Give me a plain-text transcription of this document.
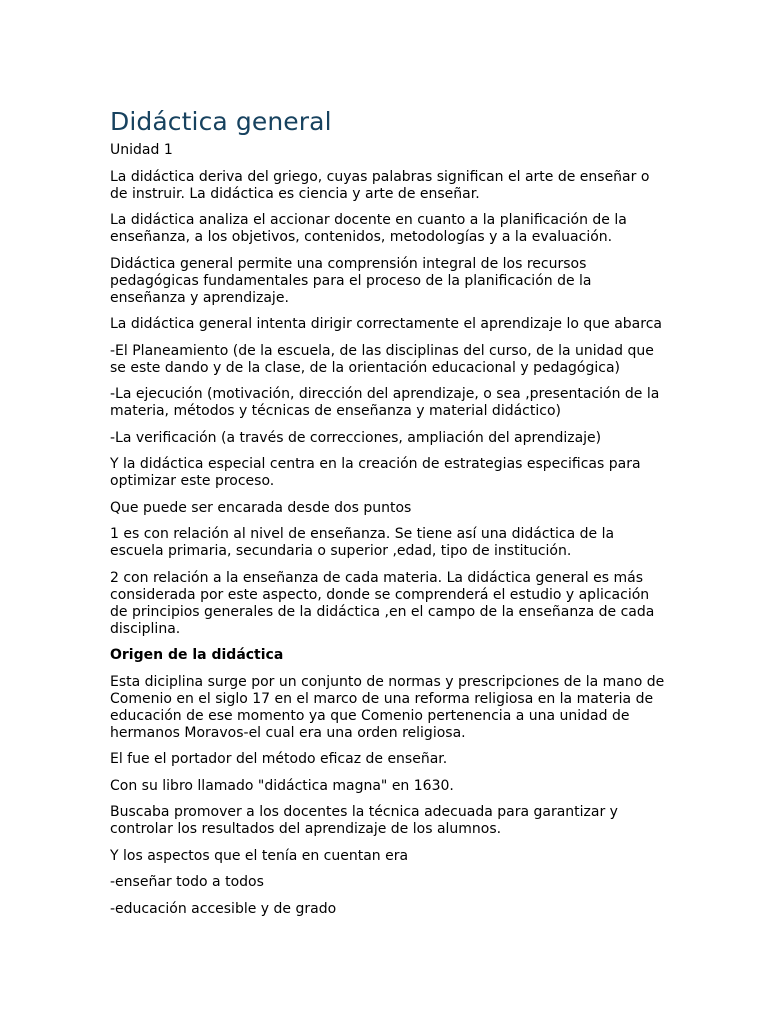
Didáctica general

Unidad 1

La didáctica deriva del griego, cuyas palabras significan el arte de enseñar o de instruir. La didáctica es ciencia y arte de enseñar.

La didáctica analiza el accionar docente en cuanto a la planificación de la enseñanza, a los objetivos, contenidos, metodologías y a la evaluación.

Didáctica general permite una comprensión integral de los recursos pedagógicas fundamentales para el proceso de la planificación de la enseñanza y aprendizaje.

La didáctica general intenta dirigir correctamente el aprendizaje lo que abarca

-El Planeamiento (de la escuela, de las disciplinas del curso, de la unidad que se este dando y de la clase, de la orientación educacional y pedagógica)

-La ejecución (motivación, dirección del aprendizaje, o sea ,presentación de la materia, métodos y técnicas de enseñanza y material didáctico)

-La verificación (a través de correcciones, ampliación del aprendizaje)

Y la didáctica especial centra en la creación de estrategias especificas para optimizar este proceso.

Que puede ser encarada desde dos puntos

1 es con relación al nivel de enseñanza. Se tiene así una didáctica de la escuela primaria, secundaria o superior ,edad, tipo de institución.

2 con relación a la enseñanza de cada materia. La didáctica general es más considerada por este aspecto, donde se comprenderá el estudio y aplicación de principios generales de la didáctica ,en el campo de la enseñanza de cada disciplina.

Origen de la didáctica

Esta diciplina surge por un conjunto de normas y prescripciones de la mano de Comenio en el siglo 17 en el marco de una reforma religiosa en la materia de educación de ese momento ya que Comenio pertenencia a una unidad de hermanos Moravos-el cual era una orden religiosa.

El fue el portador del método eficaz de enseñar.

Con su libro llamado "didáctica magna" en 1630.

Buscaba promover a los docentes la técnica adecuada para garantizar y controlar los resultados del aprendizaje de los alumnos.

Y los aspectos que el tenía en cuentan era

-enseñar todo a todos

-educación accesible y de grado
